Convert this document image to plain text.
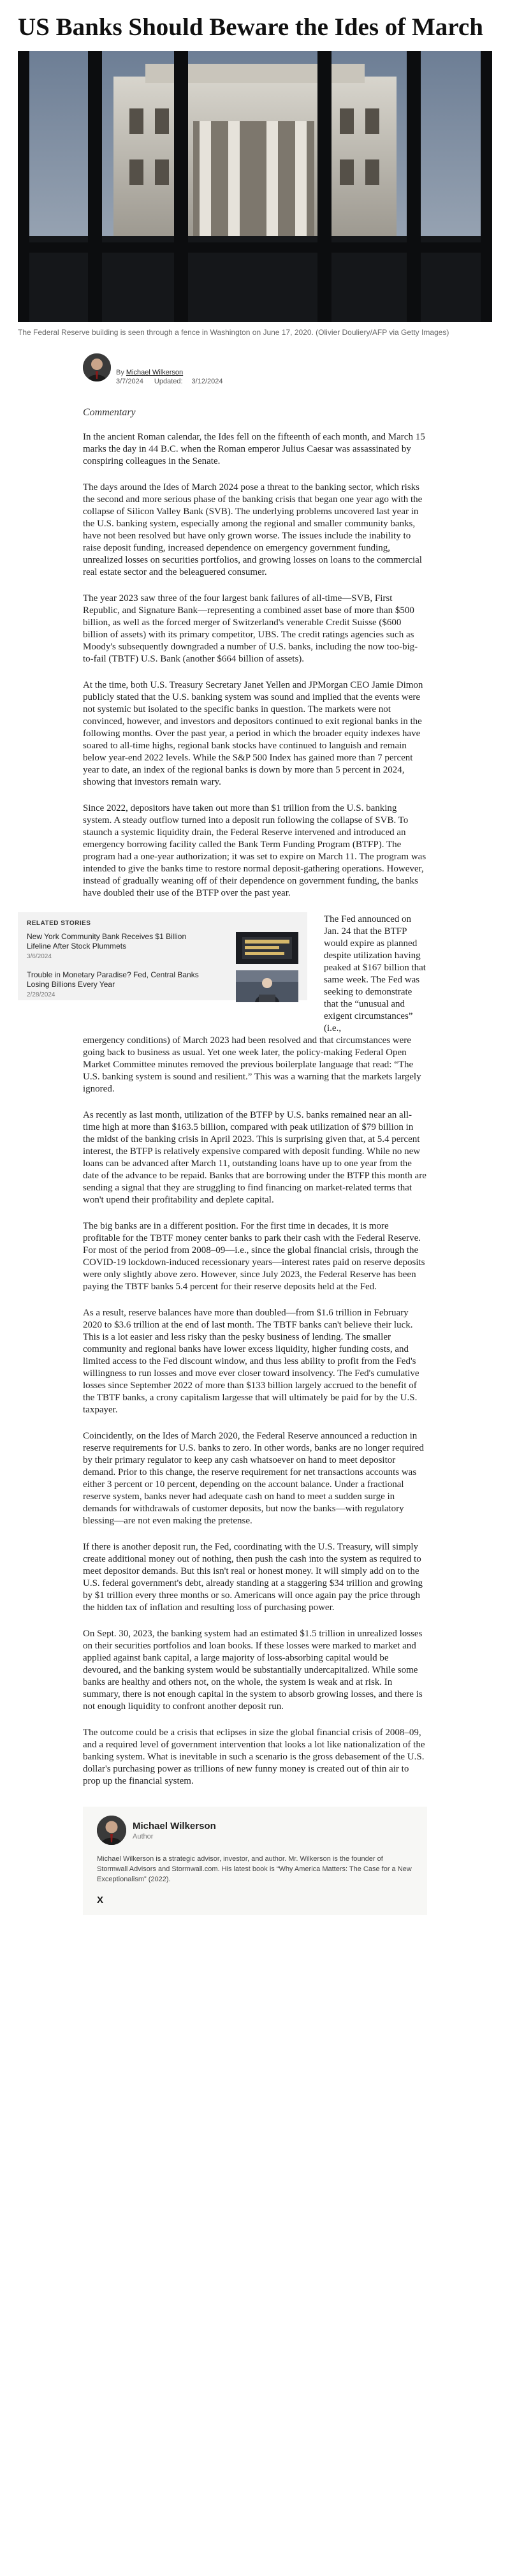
US Banks Should Beware the Ides of March

The Federal Reserve building is seen through a fence in Washington on June 17, 2020. (Olivier Douliery/AFP via Getty Images)

By Michael Wilkerson
3/7/2024 Updated: 3/12/2024

Commentary

In the ancient Roman calendar, the Ides fell on the fifteenth of each month, and March 15 marks the day in 44 B.C. when the Roman emperor Julius Caesar was assassinated by conspiring colleagues in the Senate.

The days around the Ides of March 2024 pose a threat to the banking sector, which risks the second and more serious phase of the banking crisis that began one year ago with the collapse of Silicon Valley Bank (SVB). The underlying problems uncovered last year in the U.S. banking system, especially among the regional and smaller community banks, have not been resolved but have only grown worse. The issues include the inability to raise deposit funding, increased dependence on emergency government funding, unrealized losses on securities portfolios, and growing losses on loans to the commercial real estate sector and the beleaguered consumer.

The year 2023 saw three of the four largest bank failures of all-time—SVB, First Republic, and Signature Bank—representing a combined asset base of more than $500 billion, as well as the forced merger of Switzerland's venerable Credit Suisse ($600 billion of assets) with its primary competitor, UBS. The credit ratings agencies such as Moody's subsequently downgraded a number of U.S. banks, including the now too-big-to-fail (TBTF) U.S. Bank (another $664 billion of assets).

At the time, both U.S. Treasury Secretary Janet Yellen and JPMorgan CEO Jamie Dimon publicly stated that the U.S. banking system was sound and implied that the events were not systemic but isolated to the specific banks in question. The markets were not convinced, however, and investors and depositors continued to exit regional banks in the following months. Over the past year, a period in which the broader equity indexes have soared to all-time highs, regional bank stocks have continued to languish and remain below year-end 2022 levels. While the S&P 500 Index has gained more than 7 percent year to date, an index of the regional banks is down by more than 5 percent in 2024, showing that investors remain wary.

Since 2022, depositors have taken out more than $1 trillion from the U.S. banking system. A steady outflow turned into a deposit run following the collapse of SVB. To staunch a systemic liquidity drain, the Federal Reserve intervened and introduced an emergency borrowing facility called the Bank Term Funding Program (BTFP). The program had a one-year authorization; it was set to expire on March 11. The program was intended to give the banks time to restore normal deposit-gathering operations. However, instead of gradually weaning off of their dependence on government funding, the banks have doubled their use of the BTFP over the past year.

RELATED STORIES
New York Community Bank Receives $1 Billion Lifeline After Stock Plummets
3/6/2024
Trouble in Monetary Paradise? Fed, Central Banks Losing Billions Every Year
2/28/2024

The Fed announced on Jan. 24 that the BTFP would expire as planned despite utilization having peaked at $167 billion that same week. The Fed was seeking to demonstrate that the “unusual and exigent circumstances” (i.e.,

emergency conditions) of March 2023 had been resolved and that circumstances were going back to business as usual. Yet one week later, the policy-making Federal Open Market Committee minutes removed the previous boilerplate language that read: “The U.S. banking system is sound and resilient.” This was a warning that the markets largely ignored.

As recently as last month, utilization of the BTFP by U.S. banks remained near an all-time high at more than $163.5 billion, compared with peak utilization of $79 billion in the midst of the banking crisis in April 2023. This is surprising given that, at 5.4 percent interest, the BTFP is relatively expensive compared with deposit funding. While no new loans can be advanced after March 11, outstanding loans have up to one year from the date of the advance to be repaid. Banks that are borrowing under the BTFP this month are sending a signal that they are struggling to find financing on market-related terms that won't upend their profitability and deplete capital.

The big banks are in a different position. For the first time in decades, it is more profitable for the TBTF money center banks to park their cash with the Federal Reserve. For most of the period from 2008–09—i.e., since the global financial crisis, through the COVID-19 lockdown-induced recessionary years—interest rates paid on reserve deposits were only slightly above zero. However, since July 2023, the Federal Reserve has been paying the TBTF banks 5.4 percent for their reserve deposits held at the Fed.

As a result, reserve balances have more than doubled—from $1.6 trillion in February 2020 to $3.6 trillion at the end of last month. The TBTF banks can't believe their luck. This is a lot easier and less risky than the pesky business of lending. The smaller community and regional banks have lower excess liquidity, higher funding costs, and limited access to the Fed discount window, and thus less ability to profit from the Fed's willingness to run losses and move ever closer toward insolvency. The Fed's cumulative losses since September 2022 of more than $133 billion largely accrued to the benefit of the TBTF banks, a crony capitalism largesse that will ultimately be paid for by the U.S. taxpayer.

Coincidently, on the Ides of March 2020, the Federal Reserve announced a reduction in reserve requirements for U.S. banks to zero. In other words, banks are no longer required by their primary regulator to keep any cash whatsoever on hand to meet depositor demand. Prior to this change, the reserve requirement for net transactions accounts was either 3 percent or 10 percent, depending on the account balance. Under a fractional reserve system, banks never had adequate cash on hand to meet a sudden surge in demands for withdrawals of customer deposits, but now the banks—with regulatory blessing—are not even making the pretense.

If there is another deposit run, the Fed, coordinating with the U.S. Treasury, will simply create additional money out of nothing, then push the cash into the system as required to meet depositor demands. But this isn't real or honest money. It will simply add on to the U.S. federal government's debt, already standing at a staggering $34 trillion and growing by $1 trillion every three months or so. Americans will once again pay the price through the hidden tax of inflation and resulting loss of purchasing power.

On Sept. 30, 2023, the banking system had an estimated $1.5 trillion in unrealized losses on their securities portfolios and loan books. If these losses were marked to market and applied against bank capital, a large majority of loss-absorbing capital would be devoured, and the banking system would be substantially undercapitalized. While some banks are healthy and others not, on the whole, the system is weak and at risk. In summary, there is not enough capital in the system to absorb growing losses, and there is not enough liquidity to confront another deposit run.

The outcome could be a crisis that eclipses in size the global financial crisis of 2008–09, and a required level of government intervention that looks a lot like nationalization of the banking system. What is inevitable in such a scenario is the gross debasement of the U.S. dollar's purchasing power as trillions of new funny money is created out of thin air to prop up the financial system.

Michael Wilkerson
Author

Michael Wilkerson is a strategic advisor, investor, and author. Mr. Wilkerson is the founder of Stormwall Advisors and Stormwall.com. His latest book is “Why America Matters: The Case for a New Exceptionalism” (2022).

X
